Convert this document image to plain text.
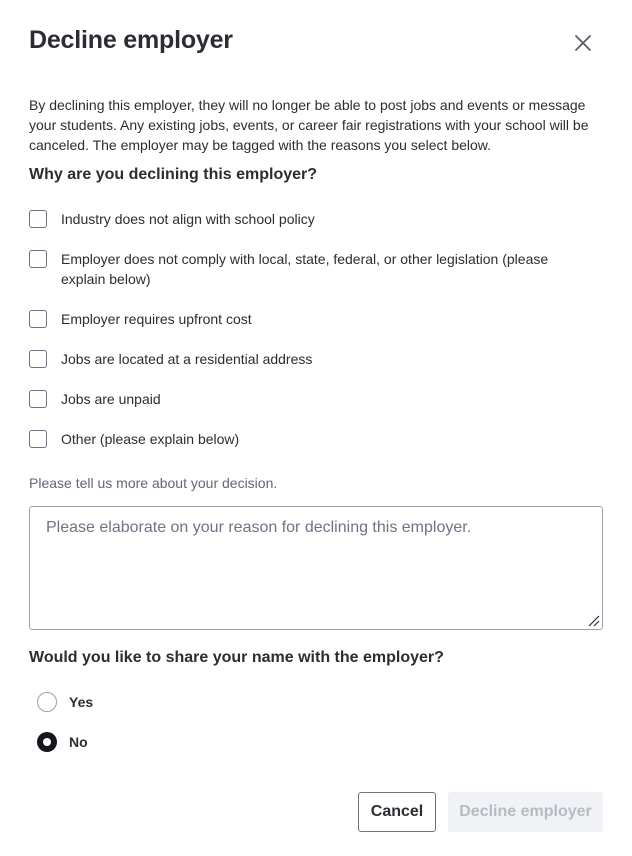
Decline employer
By declining this employer, they will no longer be able to post jobs and events or message your students. Any existing jobs, events, or career fair registrations with your school will be canceled. The employer may be tagged with the reasons you select below.
Why are you declining this employer?
Industry does not align with school policy
Employer does not comply with local, state, federal, or other legislation (please explain below)
Employer requires upfront cost
Jobs are located at a residential address
Jobs are unpaid
Other (please explain below)
Please tell us more about your decision.
Please elaborate on your reason for declining this employer.
Would you like to share your name with the employer?
Yes
No
Cancel	Decline employer
